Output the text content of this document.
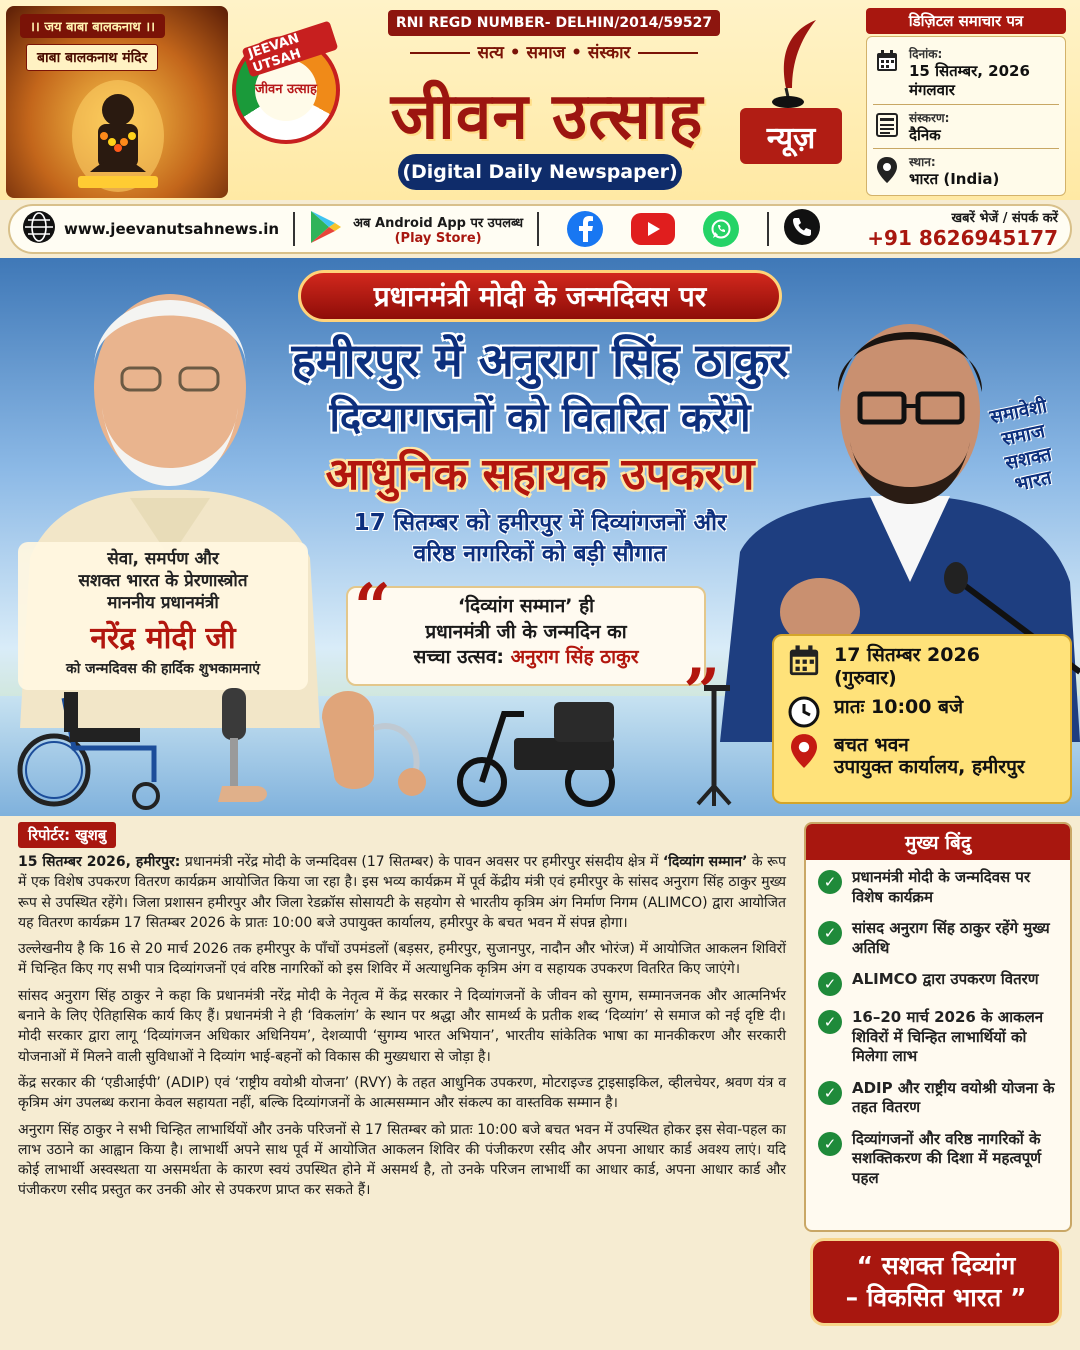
।। जय बाबा बालकनाथ ।।
बाबा बालकनाथ मंदिर	JEEVAN UTSAH
जीवन उत्साह
RNI REGD NUMBER- DELHIN/2014/59527
सत्य • समाज • संस्कार
जीवन उत्साह
(Digital Daily Newspaper)
न्यूज़
डिज़िटल समाचार पत्र
दिनांक:
15 सितम्बर, 2026
मंगलवार
संस्करण:
दैनिक
स्थान:
भारत (India)
www.jeevanutsahnews.in	अब Android App पर उपलब्ध
(Play Store)
खबरें भेजें / संपर्क करें
+91 8626945177
प्रधानमंत्री मोदी के जन्मदिवस पर
हमीरपुर में अनुराग सिंह ठाकुर
दिव्यागजनों को वितरित करेंगे
आधुनिक सहायक उपकरण
17 सितम्बर को हमीरपुर में दिव्यांगजनों और
वरिष्ठ नागरिकों को बड़ी सौगात
समावेशी
समाज
सशक्त
भारत
सेवा, समर्पण और
सशक्त भारत के प्रेरणास्त्रोत
माननीय प्रधानमंत्री
नरेंद्र मोदी जी
को जन्मदिवस की हार्दिक शुभकामनाएं
“	‘दिव्यांग सम्मान’ ही
प्रधानमंत्री जी के जन्मदिन का
सच्चा उत्सव: अनुराग सिंह ठाकुर ”	17 सितम्बर 2026
(गुरुवार)
प्रातः 10:00 बजे
बचत भवन
उपायुक्त कार्यालय, हमीरपुर
रिपोर्टर: खुशबु

15 सितम्बर 2026, हमीरपुर: प्रधानमंत्री नरेंद्र मोदी के जन्मदिवस (17 सितम्बर) के पावन अवसर पर हमीरपुर संसदीय क्षेत्र में ‘दिव्यांग सम्मान’ के रूप में एक विशेष उपकरण वितरण कार्यक्रम आयोजित किया जा रहा है। इस भव्य कार्यक्रम में पूर्व केंद्रीय मंत्री एवं हमीरपुर के सांसद अनुराग सिंह ठाकुर मुख्य रूप से उपस्थित रहेंगे। जिला प्रशासन हमीरपुर और जिला रेडक्रॉस सोसायटी के सहयोग से भारतीय कृत्रिम अंग निर्माण निगम (ALIMCO) द्वारा आयोजित यह वितरण कार्यक्रम 17 सितम्बर 2026 के प्रातः 10:00 बजे उपायुक्त कार्यालय, हमीरपुर के बचत भवन में संपन्न होगा।

उल्लेखनीय है कि 16 से 20 मार्च 2026 तक हमीरपुर के पाँचों उपमंडलों (बड़सर, हमीरपुर, सुजानपुर, नादौन और भोरंज) में आयोजित आकलन शिविरों में चिन्हित किए गए सभी पात्र दिव्यांगजनों एवं वरिष्ठ नागरिकों को इस शिविर में अत्याधुनिक कृत्रिम अंग व सहायक उपकरण वितरित किए जाएंगे।

सांसद अनुराग सिंह ठाकुर ने कहा कि प्रधानमंत्री नरेंद्र मोदी के नेतृत्व में केंद्र सरकार ने दिव्यांगजनों के जीवन को सुगम, सम्मानजनक और आत्मनिर्भर बनाने के लिए ऐतिहासिक कार्य किए हैं। प्रधानमंत्री ने ही ‘विकलांग’ के स्थान पर श्रद्धा और सामर्थ्य के प्रतीक शब्द ‘दिव्यांग’ से समाज को नई दृष्टि दी। मोदी सरकार द्वारा लागू ‘दिव्यांगजन अधिकार अधिनियम’, देशव्यापी ‘सुगम्य भारत अभियान’, भारतीय सांकेतिक भाषा का मानकीकरण और सरकारी योजनाओं में मिलने वाली सुविधाओं ने दिव्यांग भाई-बहनों को विकास की मुख्यधारा से जोड़ा है।

केंद्र सरकार की ‘एडीआईपी’ (ADIP) एवं ‘राष्ट्रीय वयोश्री योजना’ (RVY) के तहत आधुनिक उपकरण, मोटराइज्ड ट्राइसाइकिल, व्हीलचेयर, श्रवण यंत्र व कृत्रिम अंग उपलब्ध कराना केवल सहायता नहीं, बल्कि दिव्यांगजनों के आत्मसम्मान और संकल्प का वास्तविक सम्मान है।

अनुराग सिंह ठाकुर ने सभी चिन्हित लाभार्थियों और उनके परिजनों से 17 सितम्बर को प्रातः 10:00 बजे बचत भवन में उपस्थित होकर इस सेवा-पहल का लाभ उठाने का आह्वान किया है। लाभार्थी अपने साथ पूर्व में आयोजित आकलन शिविर की पंजीकरण रसीद और अपना आधार कार्ड अवश्य लाएं। यदि कोई लाभार्थी अस्वस्थता या असमर्थता के कारण स्वयं उपस्थित होने में असमर्थ है, तो उनके परिजन लाभार्थी का आधार कार्ड, अपना आधार कार्ड और पंजीकरण रसीद प्रस्तुत कर उनकी ओर से उपकरण प्राप्त कर सकते हैं।

मुख्य बिंदु
✓	प्रधानमंत्री मोदी के जन्मदिवस पर विशेष कार्यक्रम
✓	सांसद अनुराग सिंह ठाकुर रहेंगे मुख्य अतिथि
✓	ALIMCO द्वारा उपकरण वितरण
✓	16–20 मार्च 2026 के आकलन शिविरों में चिन्हित लाभार्थियों को मिलेगा लाभ
✓	ADIP और राष्ट्रीय वयोश्री योजना के तहत वितरण
✓	दिव्यांगजनों और वरिष्ठ नागरिकों के सशक्तिकरण की दिशा में महत्वपूर्ण पहल
“ सशक्त दिव्यांग
– विकसित भारत ”
